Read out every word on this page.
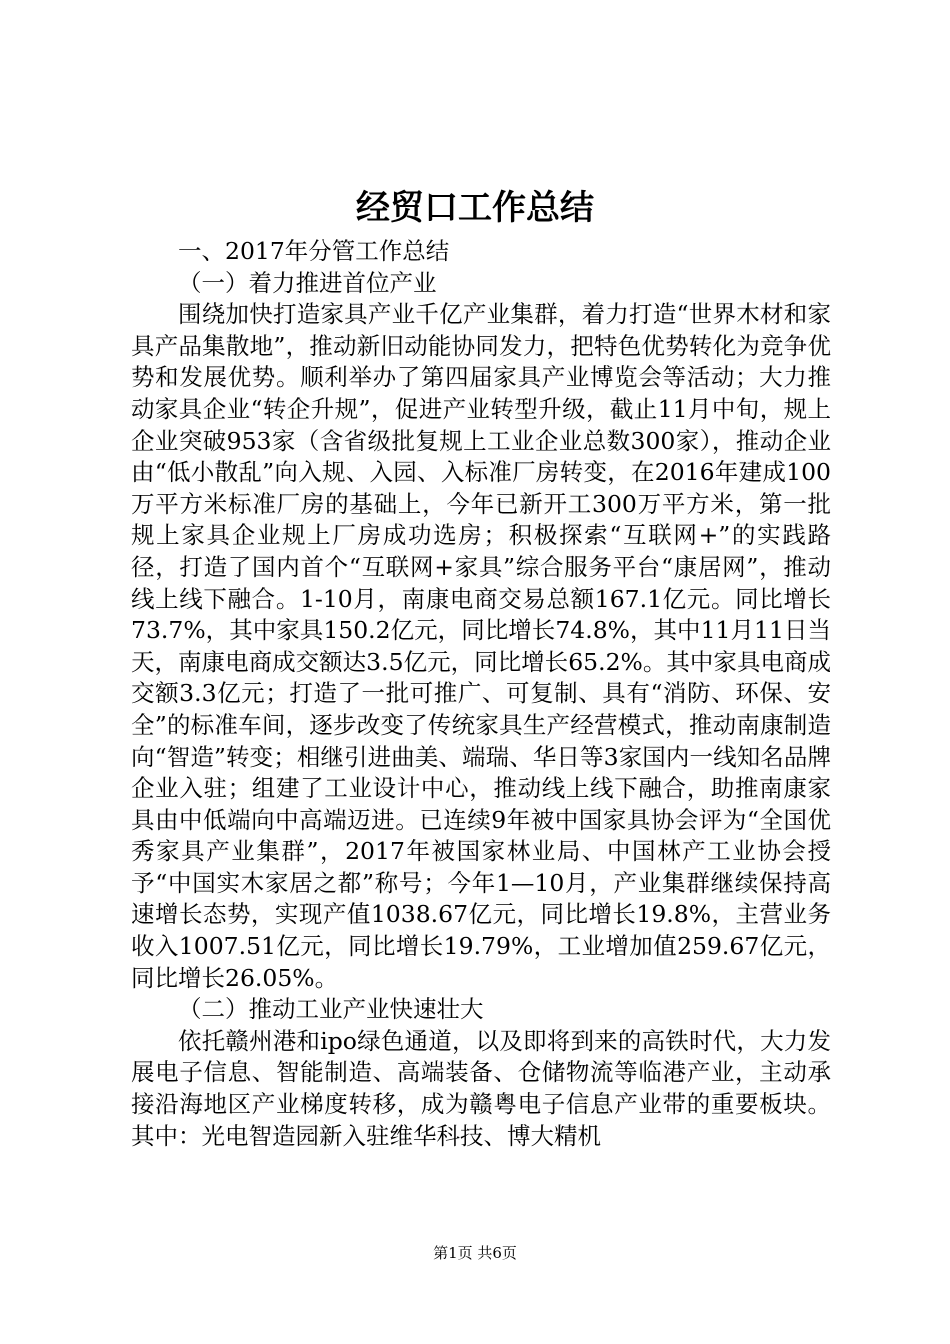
经贸口工作总结

一、2017年分管工作总结

（一）着力推进首位产业

围绕加快打造家具产业千亿产业集群，着力打造“世界木材和家具产品集散地”，推动新旧动能协同发力，把特色优势转化为竞争优势和发展优势。顺利举办了第四届家具产业博览会等活动；大力推动家具企业“转企升规”，促进产业转型升级，截止11月中旬，规上企业突破953家（含省级批复规上工业企业总数300家），推动企业由“低小散乱”向入规、入园、入标准厂房转变，在2016年建成100万平方米标准厂房的基础上，今年已新开工300万平方米，第一批规上家具企业规上厂房成功选房；积极探索“互联网+”的实践路径，打造了国内首个“互联网+家具”综合服务平台“康居网”，推动线上线下融合。1-10月，南康电商交易总额167.1亿元。同比增长73.7%，其中家具150.2亿元，同比增长74.8%，其中11月11日当天，南康电商成交额达3.5亿元，同比增长65.2%。其中家具电商成交额3.3亿元；打造了一批可推广、可复制、具有“消防、环保、安全”的标准车间，逐步改变了传统家具生产经营模式，推动南康制造向“智造”转变；相继引进曲美、端瑞、华日等3家国内一线知名品牌企业入驻；组建了工业设计中心，推动线上线下融合，助推南康家具由中低端向中高端迈进。已连续9年被中国家具协会评为“全国优秀家具产业集群”，2017年被国家林业局、中国林产工业协会授予“中国实木家居之都”称号；今年1—10月，产业集群继续保持高速增长态势，实现产值1038.67亿元，同比增长19.8%，主营业务收入1007.51亿元，同比增长19.79%，工业增加值259.67亿元，同比增长26.05%。

（二）推动工业产业快速壮大

依托赣州港和ipo绿色通道，以及即将到来的高铁时代，大力发展电子信息、智能制造、高端装备、仓储物流等临港产业，主动承接沿海地区产业梯度转移，成为赣粤电子信息产业带的重要板块。其中：光电智造园新入驻维华科技、博大精机

第1页 共6页
